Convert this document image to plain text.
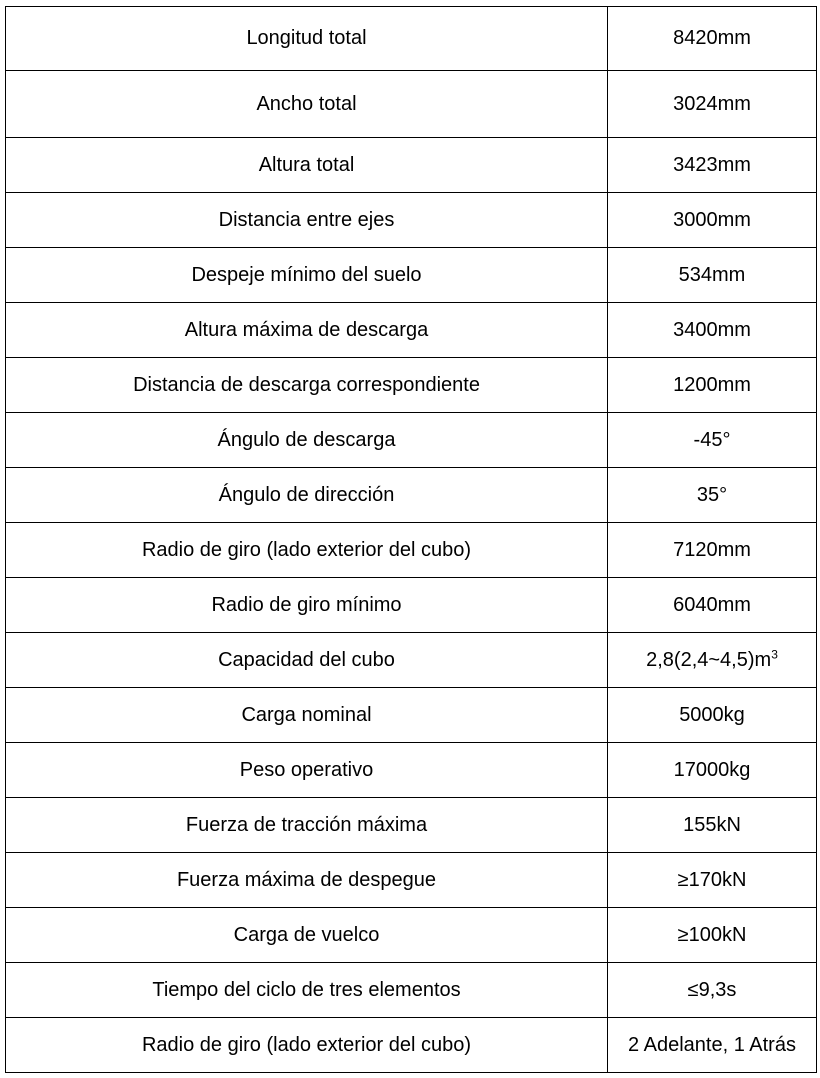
Longitud total	8420mm
Ancho total	3024mm
Altura total	3423mm
Distancia entre ejes	3000mm
Despeje mínimo del suelo	534mm
Altura máxima de descarga	3400mm
Distancia de descarga correspondiente	1200mm
Ángulo de descarga	-45°
Ángulo de dirección	35°
Radio de giro (lado exterior del cubo)	7120mm
Radio de giro mínimo	6040mm
Capacidad del cubo	$2,8(2,4\sim 4,5)m^3$
Carga nominal	5000kg
Peso operativo	17000kg
Fuerza de tracción máxima	155kN
Fuerza máxima de despegue	≥170kN
Carga de vuelco	≥100kN
Tiempo del ciclo de tres elementos	≤9,3s
Radio de giro (lado exterior del cubo)	2 Adelante, 1 Atrás
